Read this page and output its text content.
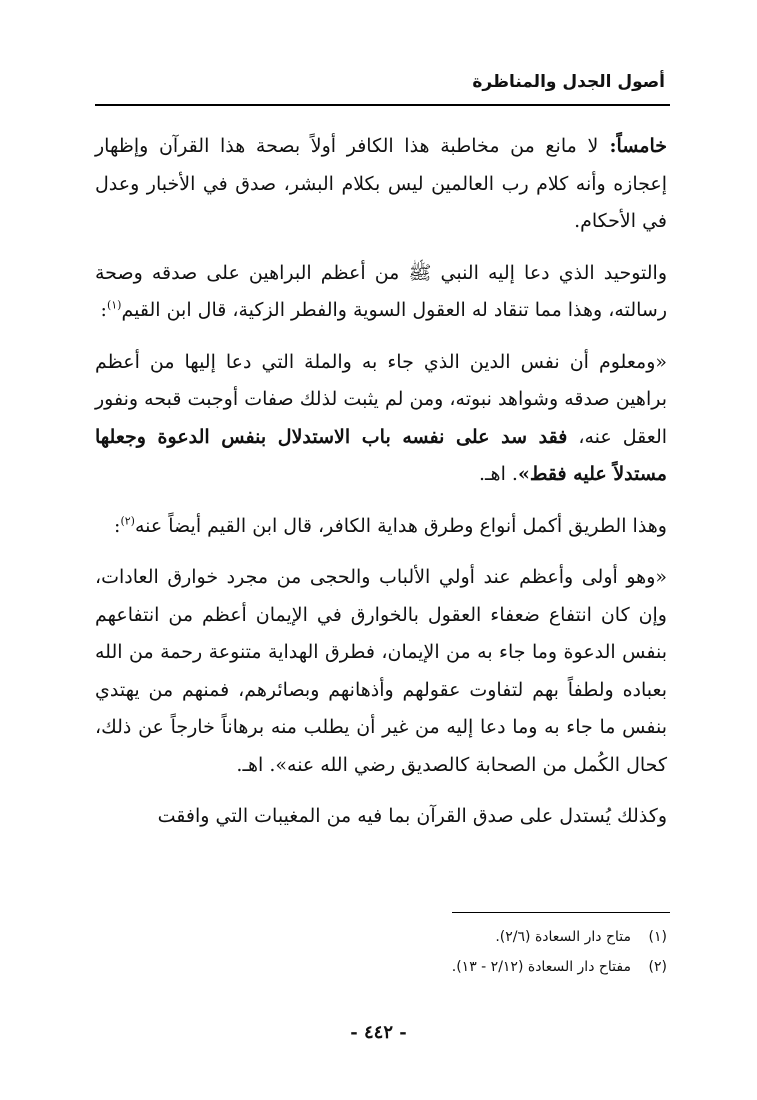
أصول الجدل والمناظرة

خامساً: لا مانع من مخاطبة هذا الكافر أولاً بصحة هذا القرآن وإظهار إعجازه وأنه كلام رب العالمين ليس بكلام البشر، صدق في الأخبار وعدل في الأحكام.

والتوحيد الذي دعا إليه النبي ﷺ من أعظم البراهين على صدقه وصحة رسالته، وهذا مما تنقاد له العقول السوية والفطر الزكية، قال ابن القيم$^{(١)}$:

«ومعلوم أن نفس الدين الذي جاء به والملة التي دعا إليها من أعظم براهين صدقه وشواهد نبوته، ومن لم يثبت لذلك صفات أوجبت قبحه ونفور العقل عنه، فقد سد على نفسه باب الاستدلال بنفس الدعوة وجعلها مستدلاً عليه فقط». اهـ.

وهذا الطريق أكمل أنواع وطرق هداية الكافر، قال ابن القيم أيضاً عنه$^{(٢)}$:

«وهو أولى وأعظم عند أولي الألباب والحجى من مجرد خوارق العادات، وإن كان انتفاع ضعفاء العقول بالخوارق في الإيمان أعظم من انتفاعهم بنفس الدعوة وما جاء به من الإيمان، فطرق الهداية متنوعة رحمة من الله بعباده ولطفاً بهم لتفاوت عقولهم وأذهانهم وبصائرهم، فمنهم من يهتدي بنفس ما جاء به وما دعا إليه من غير أن يطلب منه برهاناً خارجاً عن ذلك، كحال الكُمل من الصحابة كالصديق رضي الله عنه». اهـ.

وكذلك يُستدل على صدق القرآن بما فيه من المغيبات التي وافقت

(١)متاح دار السعادة (٢/٦).
(٢)مفتاح دار السعادة (٢/١٢ - ١٣).
- ٤٤٢ -
